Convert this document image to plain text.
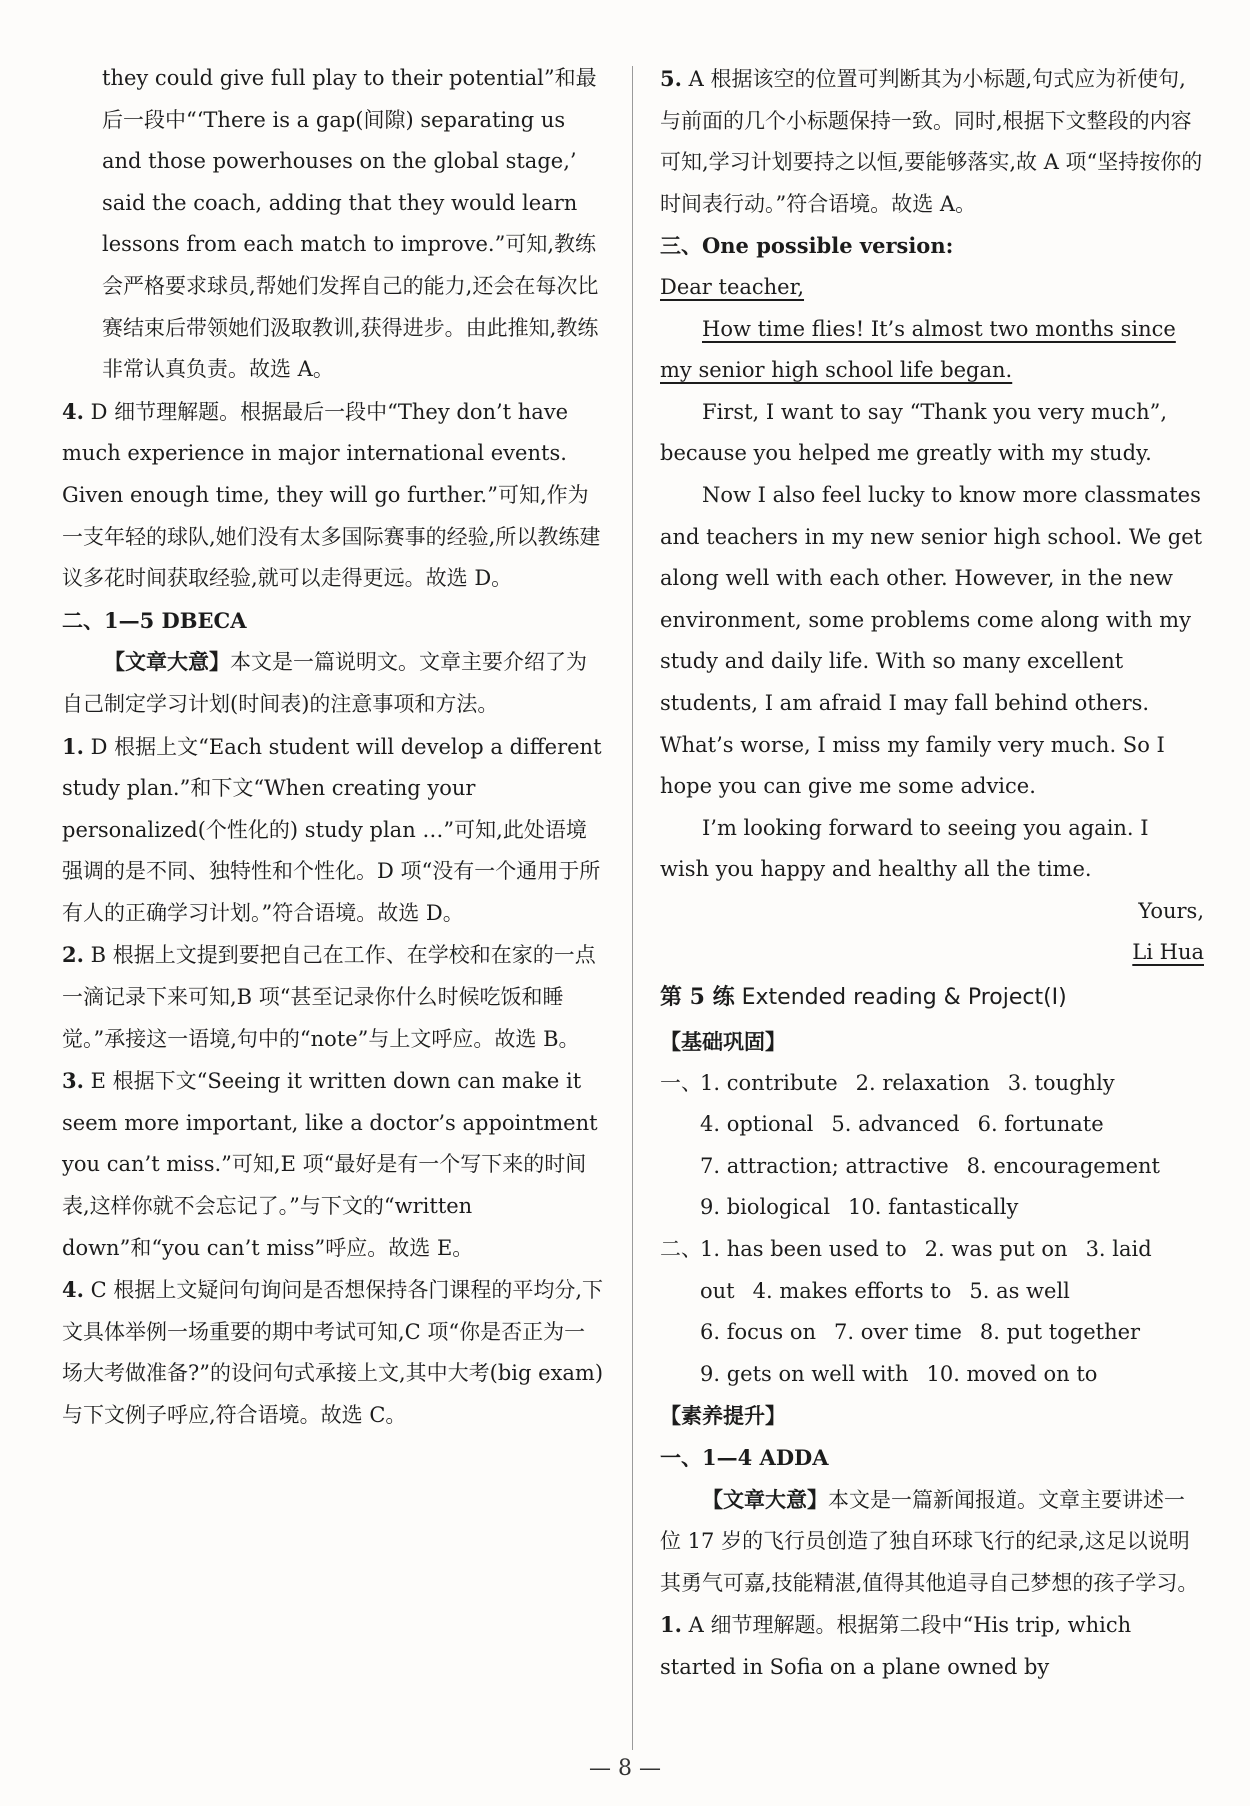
they could give full play to their potential”和最后一段中“‘There is a gap(间隙) separating us and those powerhouses on the global stage,’ said the coach, adding that they would learn lessons from each match to improve.”可知,教练会严格要求球员,帮她们发挥自己的能力,还会在每次比赛结束后带领她们汲取教训,获得进步。由此推知,教练非常认真负责。故选 A。

4. D 细节理解题。根据最后一段中“They don’t have much experience in major international events. Given enough time, they will go further.”可知,作为一支年轻的球队,她们没有太多国际赛事的经验,所以教练建议多花时间获取经验,就可以走得更远。故选 D。

二、1—5 DBECA

【文章大意】本文是一篇说明文。文章主要介绍了为自己制定学习计划(时间表)的注意事项和方法。

1. D 根据上文“Each student will develop a different study plan.”和下文“When creating your personalized(个性化的) study plan …”可知,此处语境强调的是不同、独特性和个性化。D 项“没有一个通用于所有人的正确学习计划。”符合语境。故选 D。

2. B 根据上文提到要把自己在工作、在学校和在家的一点一滴记录下来可知,B 项“甚至记录你什么时候吃饭和睡觉。”承接这一语境,句中的“note”与上文呼应。故选 B。

3. E 根据下文“Seeing it written down can make it seem more important, like a doctor’s appointment you can’t miss.”可知,E 项“最好是有一个写下来的时间表,这样你就不会忘记了。”与下文的“written down”和“you can’t miss”呼应。故选 E。

4. C 根据上文疑问句询问是否想保持各门课程的平均分,下文具体举例一场重要的期中考试可知,C 项“你是否正为一场大考做准备?”的设问句式承接上文,其中大考(big exam)与下文例子呼应,符合语境。故选 C。

5. A 根据该空的位置可判断其为小标题,句式应为祈使句,与前面的几个小标题保持一致。同时,根据下文整段的内容可知,学习计划要持之以恒,要能够落实,故 A 项“坚持按你的时间表行动。”符合语境。故选 A。

三、One possible version:

Dear teacher,

How time flies! It’s almost two months since my senior high school life began.

First, I want to say “Thank you very much”, because you helped me greatly with my study.

Now I also feel lucky to know more classmates and teachers in my new senior high school. We get along well with each other. However, in the new environment, some problems come along with my study and daily life. With so many excellent students, I am afraid I may fall behind others. What’s worse, I miss my family very much. So I hope you can give me some advice.

I’m looking forward to seeing you again. I wish you happy and healthy all the time.

Yours,

Li Hua

第 5 练 Extended reading & Project(Ⅰ)

【基础巩固】

一、1. contribute 2. relaxation 3. toughly

4. optional 5. advanced 6. fortunate

7. attraction; attractive 8. encouragement

9. biological 10. fantastically

二、1. has been used to 2. was put on 3. laid

out 4. makes efforts to 5. as well

6. focus on 7. over time 8. put together

9. gets on well with 10. moved on to

【素养提升】

一、1—4 ADDA

【文章大意】本文是一篇新闻报道。文章主要讲述一位 17 岁的飞行员创造了独自环球飞行的纪录,这足以说明其勇气可嘉,技能精湛,值得其他追寻自己梦想的孩子学习。

1. A 细节理解题。根据第二段中“His trip, which started in Sofia on a plane owned by

— 8 —
